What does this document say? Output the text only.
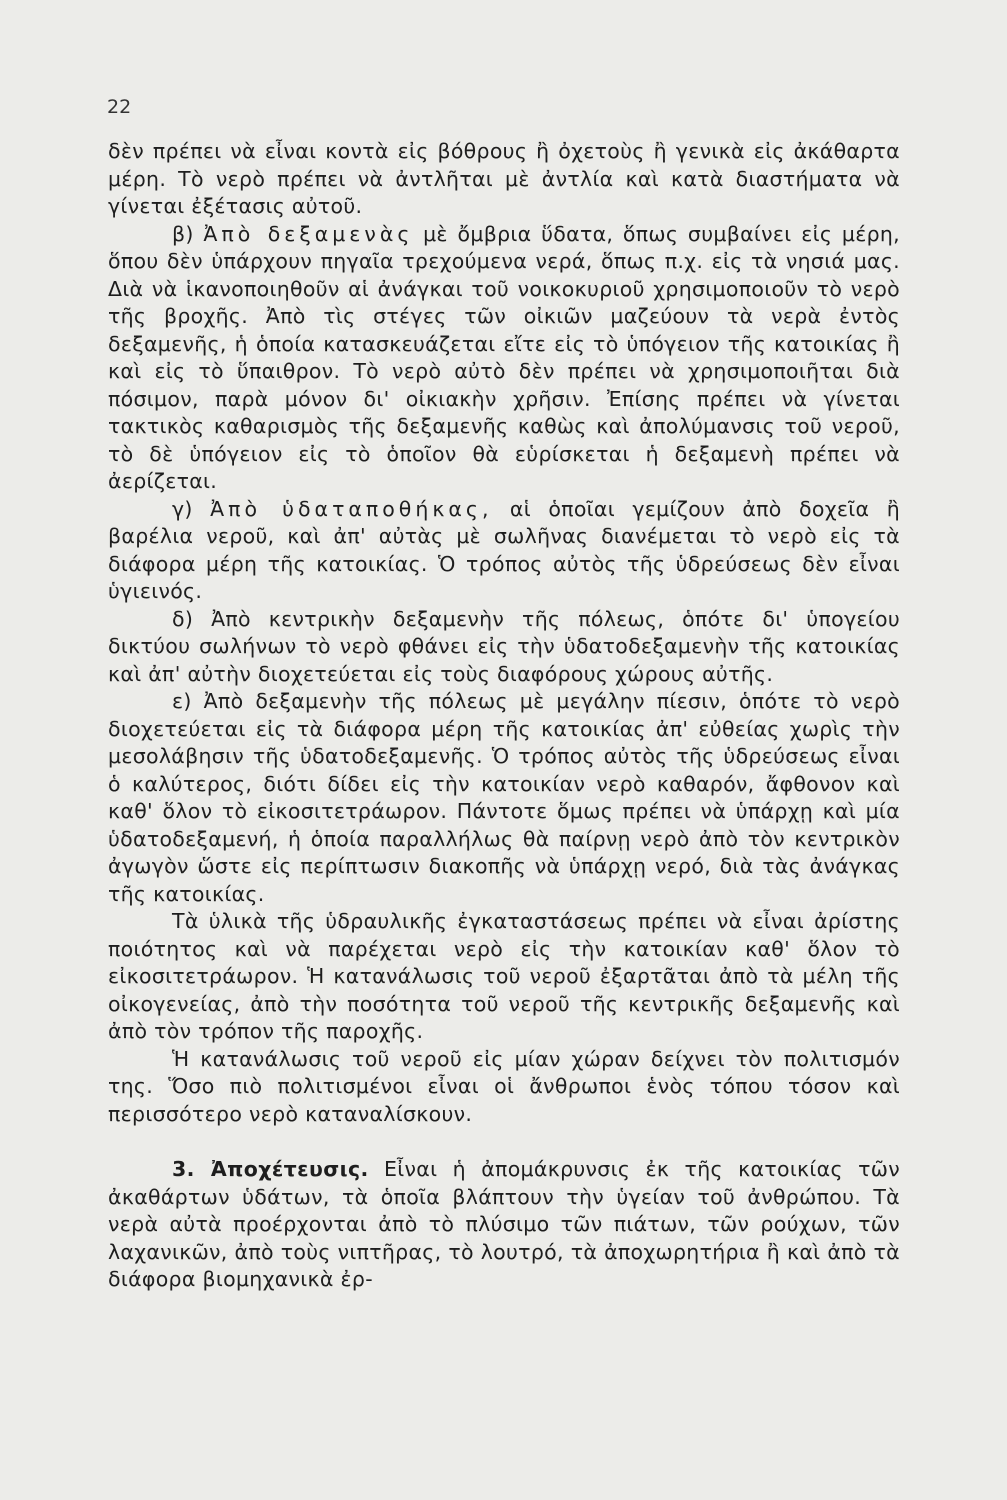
22

δὲν πρέπει νὰ εἶναι κοντὰ εἰς βόθρους ἢ ὀχετοὺς ἢ γενικὰ εἰς ἀκάθαρτα μέρη. Τὸ νερὸ πρέπει νὰ ἀντλῆται μὲ ἀντλία καὶ κατὰ διαστήματα νὰ γίνεται ἐξέτασις αὐτοῦ.

β) Ἀπὸ δεξαμενὰς μὲ ὄμβρια ὕδατα, ὅπως συμβαίνει εἰς μέρη, ὅπου δὲν ὑπάρχουν πηγαῖα τρεχούμενα νερά, ὅπως π.χ. εἰς τὰ νησιά μας. Διὰ νὰ ἱκανοποιηθοῦν αἱ ἀνάγκαι τοῦ νοικοκυριοῦ χρησιμοποιοῦν τὸ νερὸ τῆς βροχῆς. Ἀπὸ τὶς στέγες τῶν οἰκιῶν μαζεύουν τὰ νερὰ ἐντὸς δεξαμενῆς, ἡ ὁποία κατασκευάζεται εἴτε εἰς τὸ ὑπόγειον τῆς κατοικίας ἢ καὶ εἰς τὸ ὕπαιθρον. Τὸ νερὸ αὐτὸ δὲν πρέπει νὰ χρησιμοποιῆται διὰ πόσιμον, παρὰ μόνον δι' οἰκιακὴν χρῆσιν. Ἐπίσης πρέπει νὰ γίνεται τακτικὸς καθαρισμὸς τῆς δεξαμενῆς καθὼς καὶ ἀπολύμανσις τοῦ νεροῦ, τὸ δὲ ὑπόγειον εἰς τὸ ὁποῖον θὰ εὑρίσκεται ἡ δεξαμενὴ πρέπει νὰ ἀερίζεται.

γ) Ἀπὸ ὑδαταποθήκας, αἱ ὁποῖαι γεμίζουν ἀπὸ δοχεῖα ἢ βαρέλια νεροῦ, καὶ ἀπ' αὐτὰς μὲ σωλῆνας διανέμεται τὸ νερὸ εἰς τὰ διάφορα μέρη τῆς κατοικίας. Ὁ τρόπος αὐτὸς τῆς ὑδρεύσεως δὲν εἶναι ὑγιεινός.

δ) Ἀπὸ κεντρικὴν δεξαμενὴν τῆς πόλεως, ὁπότε δι' ὑπογείου δικτύου σωλήνων τὸ νερὸ φθάνει εἰς τὴν ὑδατοδεξαμενὴν τῆς κατοικίας καὶ ἀπ' αὐτὴν διοχετεύεται εἰς τοὺς διαφόρους χώρους αὐτῆς.

ε) Ἀπὸ δεξαμενὴν τῆς πόλεως μὲ μεγάλην πίεσιν, ὁπότε τὸ νερὸ διοχετεύεται εἰς τὰ διάφορα μέρη τῆς κατοικίας ἀπ' εὐθείας χωρὶς τὴν μεσολάβησιν τῆς ὑδατοδεξαμενῆς. Ὁ τρόπος αὐτὸς τῆς ὑδρεύσεως εἶναι ὁ καλύτερος, διότι δίδει εἰς τὴν κατοικίαν νερὸ καθαρόν, ἄφθονον καὶ καθ' ὅλον τὸ εἰκοσιτετράωρον. Πάντοτε ὅμως πρέπει νὰ ὑπάρχῃ καὶ μία ὑδατοδεξαμενή, ἡ ὁποία παραλλήλως θὰ παίρνῃ νερὸ ἀπὸ τὸν κεντρικὸν ἀγωγὸν ὥστε εἰς περίπτωσιν διακοπῆς νὰ ὑπάρχῃ νερό, διὰ τὰς ἀνάγκας τῆς κατοικίας.

Τὰ ὑλικὰ τῆς ὑδραυλικῆς ἐγκαταστάσεως πρέπει νὰ εἶναι ἀρίστης ποιότητος καὶ νὰ παρέχεται νερὸ εἰς τὴν κατοικίαν καθ' ὅλον τὸ εἰκοσιτετράωρον. Ἡ κατανάλωσις τοῦ νεροῦ ἐξαρτᾶται ἀπὸ τὰ μέλη τῆς οἰκογενείας, ἀπὸ τὴν ποσότητα τοῦ νεροῦ τῆς κεντρικῆς δεξαμενῆς καὶ ἀπὸ τὸν τρόπον τῆς παροχῆς.

Ἡ κατανάλωσις τοῦ νεροῦ εἰς μίαν χώραν δείχνει τὸν πολιτισμόν της. Ὅσο πιὸ πολιτισμένοι εἶναι οἱ ἄνθρωποι ἑνὸς τόπου τόσον καὶ περισσότερο νερὸ καταναλίσκουν.

3. Ἀποχέτευσις. Εἶναι ἡ ἀπομάκρυνσις ἐκ τῆς κατοικίας τῶν ἀκαθάρτων ὑδάτων, τὰ ὁποῖα βλάπτουν τὴν ὑγείαν τοῦ ἀνθρώπου. Τὰ νερὰ αὐτὰ προέρχονται ἀπὸ τὸ πλύσιμο τῶν πιάτων, τῶν ρούχων, τῶν λαχανικῶν, ἀπὸ τοὺς νιπτῆρας, τὸ λουτρό, τὰ ἀποχωρητήρια ἢ καὶ ἀπὸ τὰ διάφορα βιομηχανικὰ ἐρ-
